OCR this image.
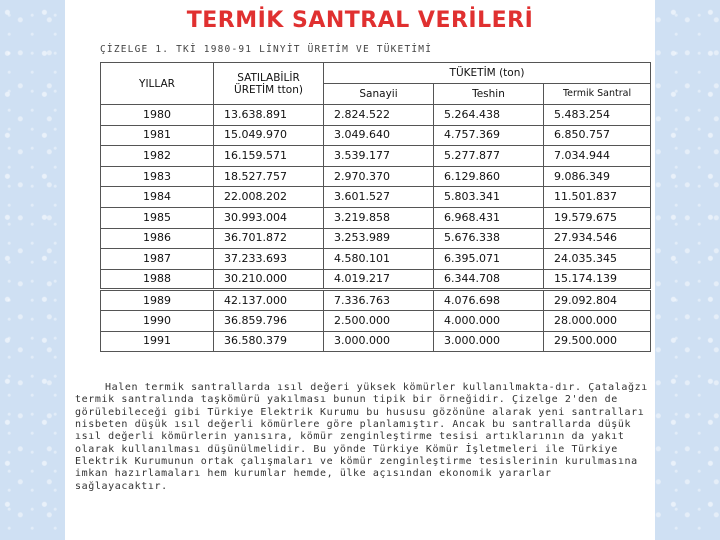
TERMİK SANTRAL VERİLERİ
ÇİZELGE 1. TKİ 1980-91 LİNYİT ÜRETİM VE TÜKETİMİ
YILLAR	SATILABİLİR ÜRETİM tton)	TÜKETİM (ton)		
		Sanayii	Teshin	Termik Santral
1980	13.638.891	2.824.522	5.264.438	5.483.254
1981	15.049.970	3.049.640	4.757.369	6.850.757
1982	16.159.571	3.539.177	5.277.877	7.034.944
1983	18.527.757	2.970.370	6.129.860	9.086.349
1984	22.008.202	3.601.527	5.803.341	11.501.837
1985	30.993.004	3.219.858	6.968.431	19.579.675
1986	36.701.872	3.253.989	5.676.338	27.934.546
1987	37.233.693	4.580.101	6.395.071	24.035.345
1988	30.210.000	4.019.217	6.344.708	15.174.139
1989	42.137.000	7.336.763	4.076.698	29.092.804
1990	36.859.796	2.500.000	4.000.000	28.000.000
1991	36.580.379	3.000.000	3.000.000	29.500.000
Halen termik santrallarda ısıl değeri yüksek kömürler kullanılmakta-dır. Çatalağzı termik santralında taşkömürü yakılması bunun tipik bir örneğidir. Çizelge 2'den de görülebileceği gibi Türkiye Elektrik Kurumu bu hususu gözönüne alarak yeni santralları nisbeten düşük ısıl değerli kömürlere göre planlamıştır. Ancak bu santrallarda düşük ısıl değerli kömürlerin yanısıra, kömür zenginleştirme tesisi artıklarının da yakıt olarak kullanılması düşünülmelidir. Bu yönde Türkiye Kömür İşletmeleri ile Türkiye Elektrik Kurumunun ortak çalışmaları ve kömür zenginleştirme tesislerinin kurulmasına imkan hazırlamaları hem kurumlar hemde, ülke açısından ekonomik yararlar sağlayacaktır.
